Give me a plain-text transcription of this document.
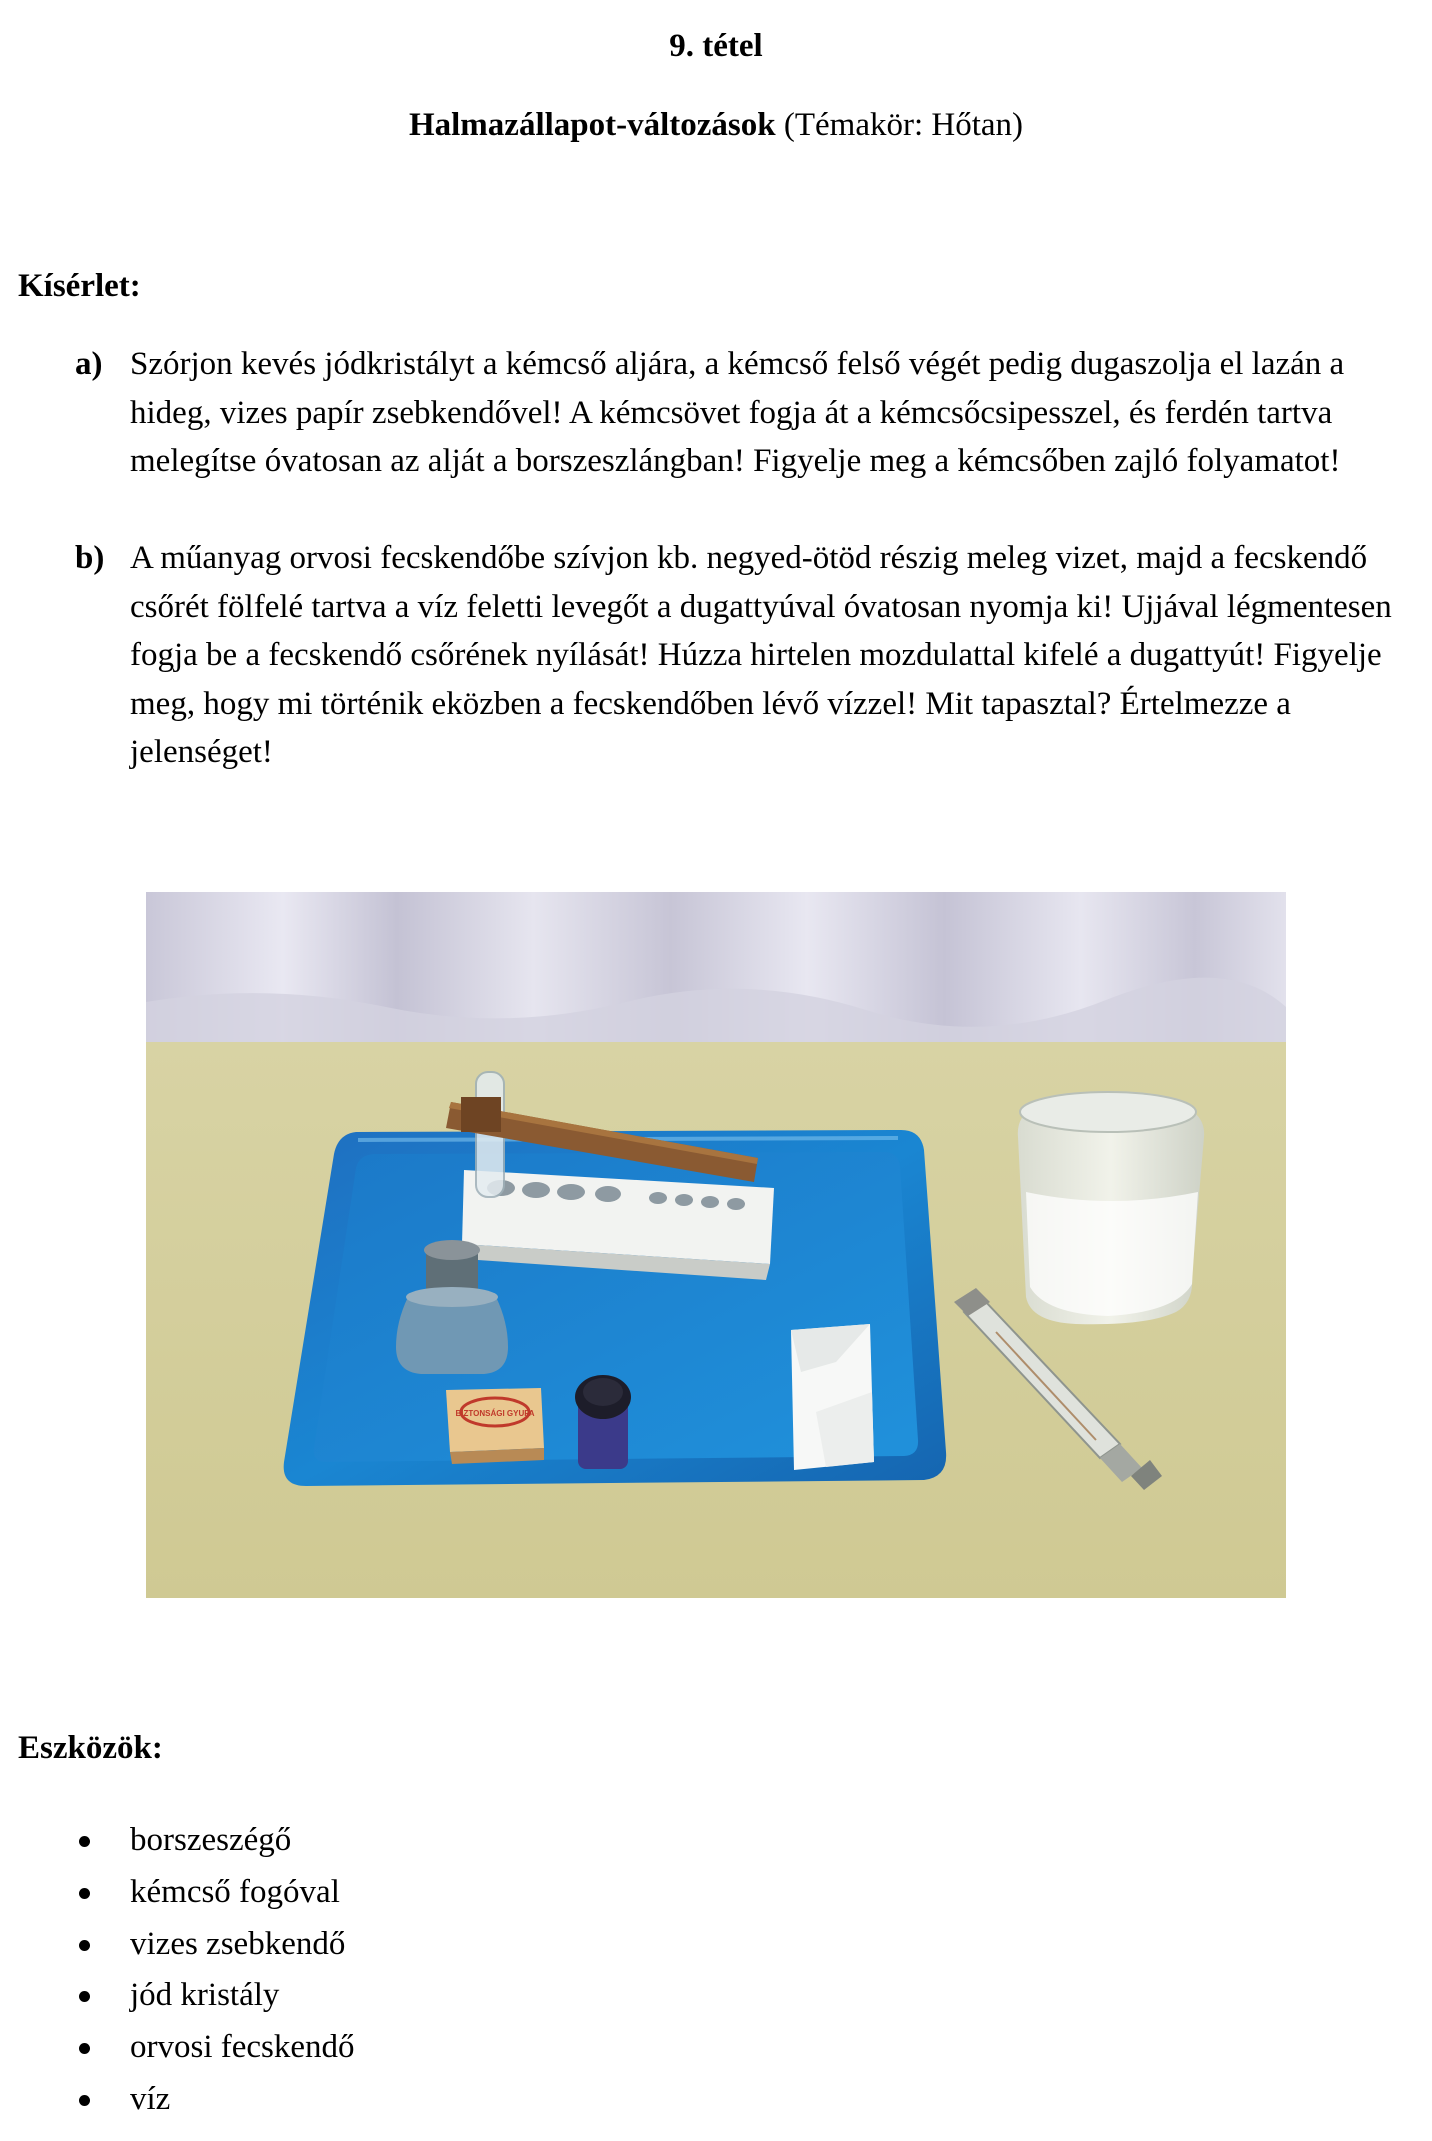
9. tétel

Halmazállapot-változások (Témakör: Hőtan)

Kísérlet:
a) Szórjon kevés jódkristályt a kémcső aljára, a kémcső felső végét pedig dugaszolja el lazán a hideg, vizes papír zsebkendővel! A kémcsövet fogja át a kémcsőcsipesszel, és ferdén tartva melegítse óvatosan az alját a borszeszlángban! Figyelje meg a kémcsőben zajló folyamatot!
b) A műanyag orvosi fecskendőbe szívjon kb. negyed-ötöd részig meleg vizet, majd a fecskendő csőrét fölfelé tartva a víz feletti levegőt a dugattyúval óvatosan nyomja ki! Ujjával légmentesen fogja be a fecskendő csőrének nyílását! Húzza hirtelen mozdulattal kifelé a dugattyút! Figyelje meg, hogy mi történik eközben a fecskendőben lévő vízzel! Mit tapasztal? Értelmezze a jelenséget!
BIZTONSÁGI GYUFA
Eszközök:
borszeszégő
kémcső fogóval
vizes zsebkendő
jód kristály
orvosi fecskendő
víz
